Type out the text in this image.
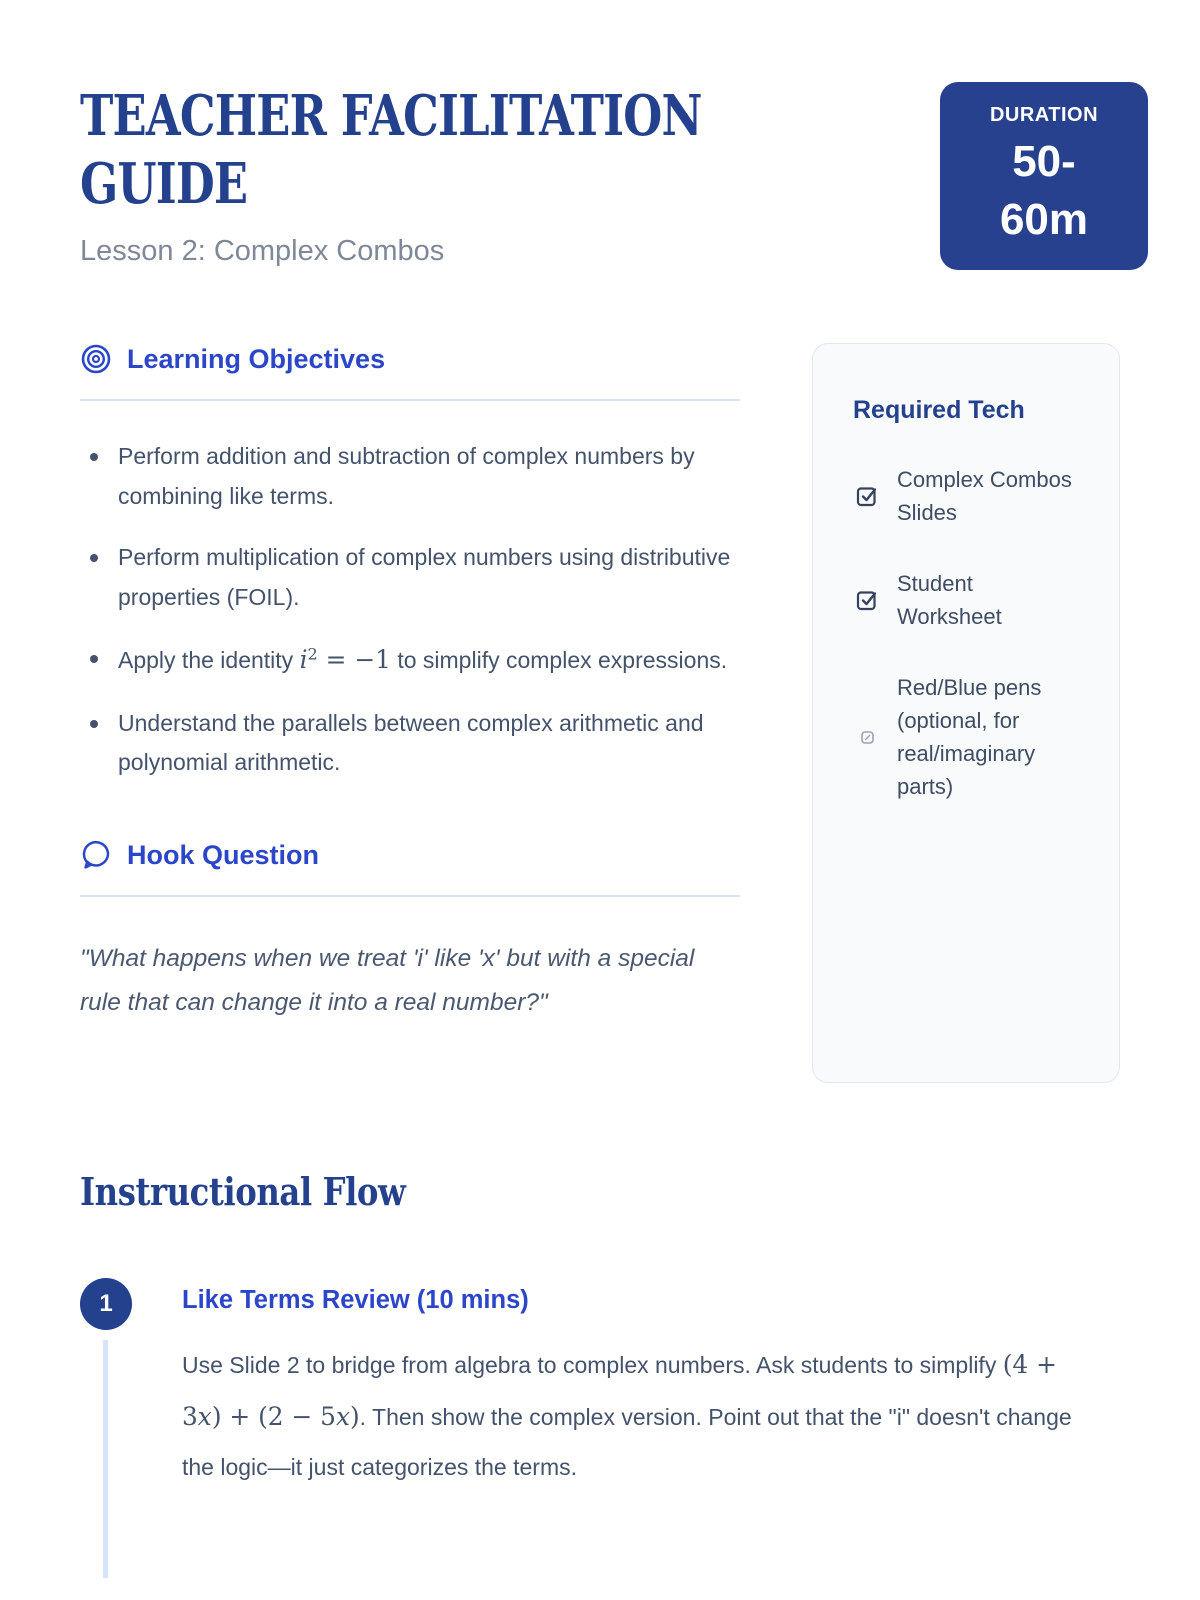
TEACHER FACILITATION GUIDE

Lesson 2: Complex Combos

DURATION
50-60m
Learning Objectives
Perform addition and subtraction of complex numbers by combining like terms.
Perform multiplication of complex numbers using distributive properties (FOIL).
Apply the identity $i^2 = -1$ to simplify complex expressions.
Understand the parallels between complex arithmetic and polynomial arithmetic.
Hook Question

"What happens when we treat 'i' like 'x' but with a special rule that can change it into a real number?"

Required Tech
Complex Combos Slides
Student Worksheet
Red/Blue pens (optional, for real/imaginary parts)
Instructional Flow
1	Like Terms Review (10 mins)

Use Slide 2 to bridge from algebra to complex numbers. Ask students to simplify (4 + 3x) + (2 − 5x). Then show the complex version. Point out that the "i" doesn't change the logic—it just categorizes the terms.
